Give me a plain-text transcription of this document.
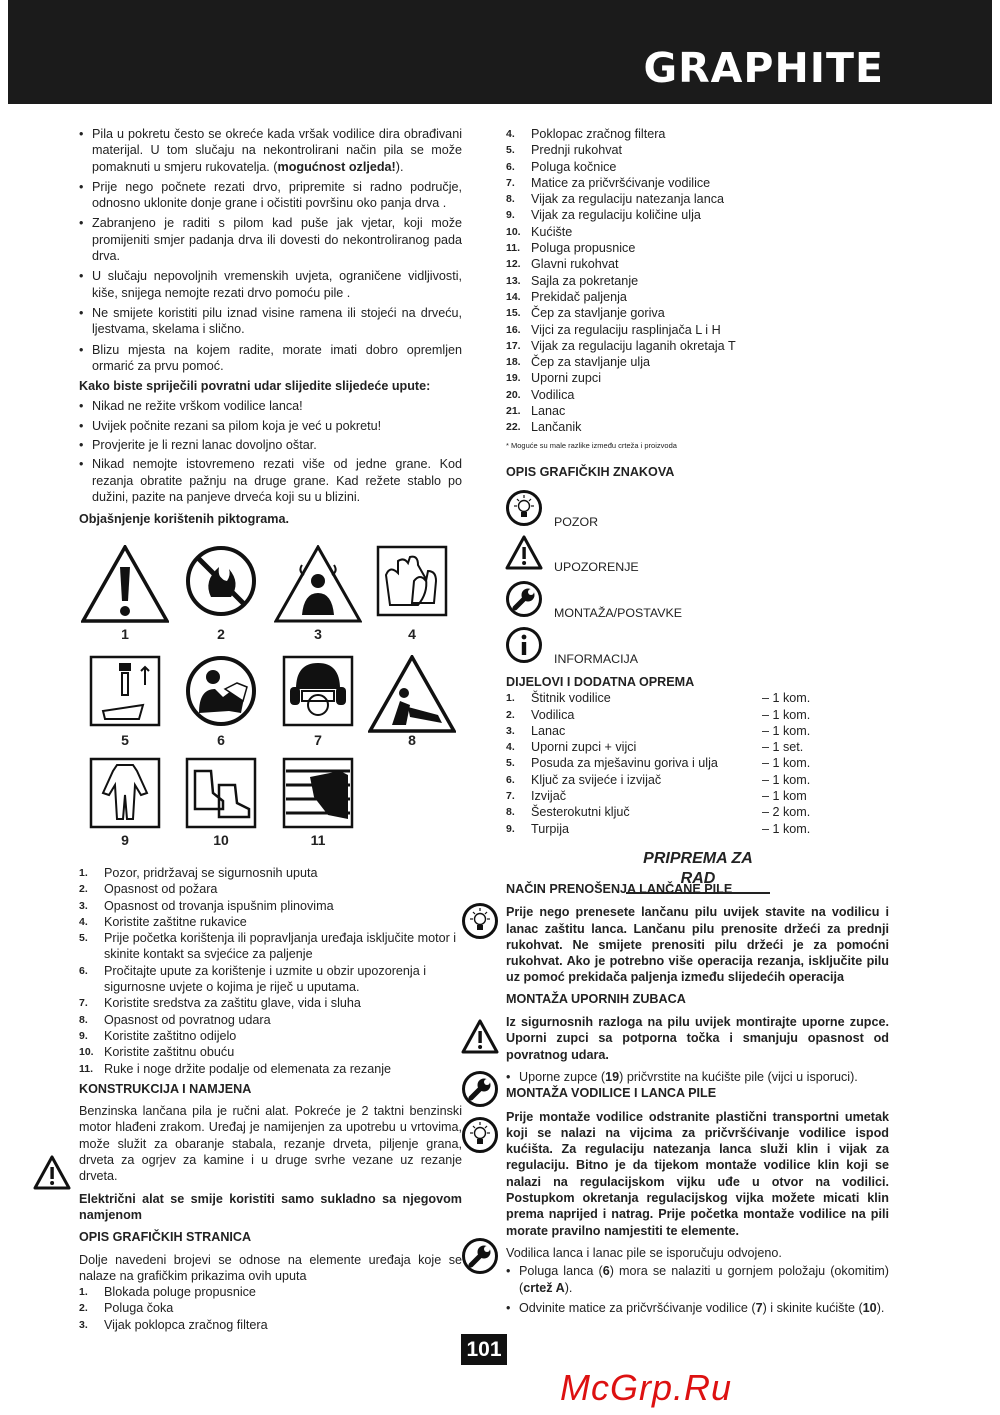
GRAPHITE
• Pila u pokretu često se okreće kada vršak vodilice dira obrađivani materijal. U tom slučaju na nekontrolirani način pila se može pomaknuti u smjeru rukovatelja. (mogućnost ozljeda!).
• Prije nego počnete rezati drvo, pripremite si radno područje, odnosno uklonite donje grane i očistiti površinu oko panja drva .
• Zabranjeno je raditi s pilom kad puše jak vjetar, koji može promijeniti smjer padanja drva ili dovesti do nekontroliranog pada drva.
• U slučaju nepovoljnih vremenskih uvjeta, ograničene vidljivosti, kiše, snijega nemojte rezati drvo pomoću pile .
• Ne smijete koristiti pilu iznad visine ramena ili stojeći na drveću, ljestvama, skelama i slično.
• Blizu mjesta na kojem radite, morate imati dobro opremljen ormarić za prvu pomoć.
Kako biste spriječili povratni udar slijedite slijedeće upute:
• Nikad ne režite vrškom vodilice lanca!
• Uvijek počnite rezani sa pilom koja je već u pokretu!
• Provjerite je li rezni lanac dovoljno oštar.
• Nikad nemojte istovremeno rezati više od jedne grane. Kod rezanja obratite pažnju na druge grane. Kad režete stablo po dužini, pazite na panjeve drveća koji su u blizini.
Objašnjenje korištenih piktograma.
1	2	3	4
5	6	7	8
9	10	11
1. Pozor, pridržavaj se sigurnosnih uputa
2. Opasnost od požara
3. Opasnost od trovanja ispušnim plinovima
4. Koristite zaštitne rukavice
5. Prije početka korištenja ili popravljanja uređaja isključite motor i skinite kontakt sa svjećice za paljenje
6. Pročitajte upute za korištenje i uzmite u obzir upozorenja i sigurnosne uvjete o kojima je riječ u uputama.
7. Koristite sredstva za zaštitu glave, vida i sluha
8. Opasnost od povratnog udara
9. Koristite zaštitno odijelo
10. Koristite zaštitnu obuću
11. Ruke i noge držite podalje od elemenata za rezanje
KONSTRUKCIJA I NAMJENA
Benzinska lančana pila je ručni alat. Pokreće je 2 taktni benzinski motor hlađeni zrakom. Uređaj je namijenjen za upotrebu u vrtovima, može služit za obaranje stabala, rezanje drveta, piljenje grana, drveta za ogrjev za kamine i u druge svrhe vezane uz rezanje drveta.
Električni alat se smije koristiti samo sukladno sa njegovom namjenom
OPIS GRAFIČKIH STRANICA
Dolje navedeni brojevi se odnose na elemente uređaja koje se nalaze na grafičkim prikazima ovih uputa
1. Blokada poluge propusnice
2. Poluga čoka
3. Vijak poklopca zračnog filtera
4. Poklopac zračnog filtera
5. Prednji rukohvat
6. Poluga kočnice
7. Matice za pričvršćivanje vodilice
8. Vijak za regulaciju natezanja lanca
9. Vijak za regulaciju količine ulja
10. Kućište
11. Poluga propusnice
12. Glavni rukohvat
13. Sajla za pokretanje
14. Prekidač paljenja
15. Čep za stavljanje goriva
16. Vijci za regulaciju rasplinjača L i H
17. Vijak za regulaciju laganih okretaja T
18. Čep za stavljanje ulja
19. Uporni zupci
20. Vodilica
21. Lanac
22. Lančanik
* Moguće su male razlike između crteža i proizvoda
OPIS GRAFIČKIH ZNAKOVA
POZOR
UPOZORENJE
MONTAŽA/POSTAVKE
INFORMACIJA
DIJELOVI I DODATNA OPREMA
1. Štitnik vodilice	– 1 kom.
2. Vodilica	– 1 kom.
3. Lanac	– 1 kom.
4. Uporni zupci + vijci	– 1 set.
5. Posuda za mješavinu goriva i ulja	– 1 kom.
6. Ključ za svijeće i izvijač	– 1 kom.
7. Izvijač	– 1 kom
8. Šesterokutni ključ	– 2 kom.
9. Turpija	– 1 kom.
PRIPREMA ZA RAD
NAČIN PRENOŠENJA LANČANE PILE
Prije nego prenesete lančanu pilu uvijek stavite na vodilicu i lanac zaštitu lanca. Lančanu pilu prenosite držeći za prednji rukohvat. Ne smijete prenositi pilu držeći je za pomoćni rukohvat. Ako je potrebno više operacija rezanja, isključite pilu uz pomoć prekidača paljenja između slijedećih operacija
MONTAŽA UPORNIH ZUBACA
Iz sigurnosnih razloga na pilu uvijek montirajte uporne zupce. Uporni zupci sa potporna točka i smanjuju opasnost od povratnog udara.
• Uporne zupce (19) pričvrstite na kućište pile (vijci u isporuci).
MONTAŽA VODILICE I LANCA PILE
Prije montaže vodilice odstranite plastični transportni umetak koji se nalazi na vijcima za pričvršćivanje vodilice ispod kućišta. Za regulaciju natezanja lanca služi klin i vijak za regulaciju. Bitno je da tijekom montaže vodilice klin koji se nalazi na regulacijskom vijku uđe u otvor na vodilici. Postupkom okretanja regulacijskog vijka možete micati klin prema naprijed i natrag. Prije početka montaže vodilice na pili morate pravilno namjestiti te elemente.
Vodilica lanca i lanac pile se isporučuju odvojeno.
• Poluga lanca (6) mora se nalaziti u gornjem položaju (okomitim) (crtež A).
• Odvinite matice za pričvršćivanje vodilice (7) i skinite kućište (10).
101
McGrp.Ru
